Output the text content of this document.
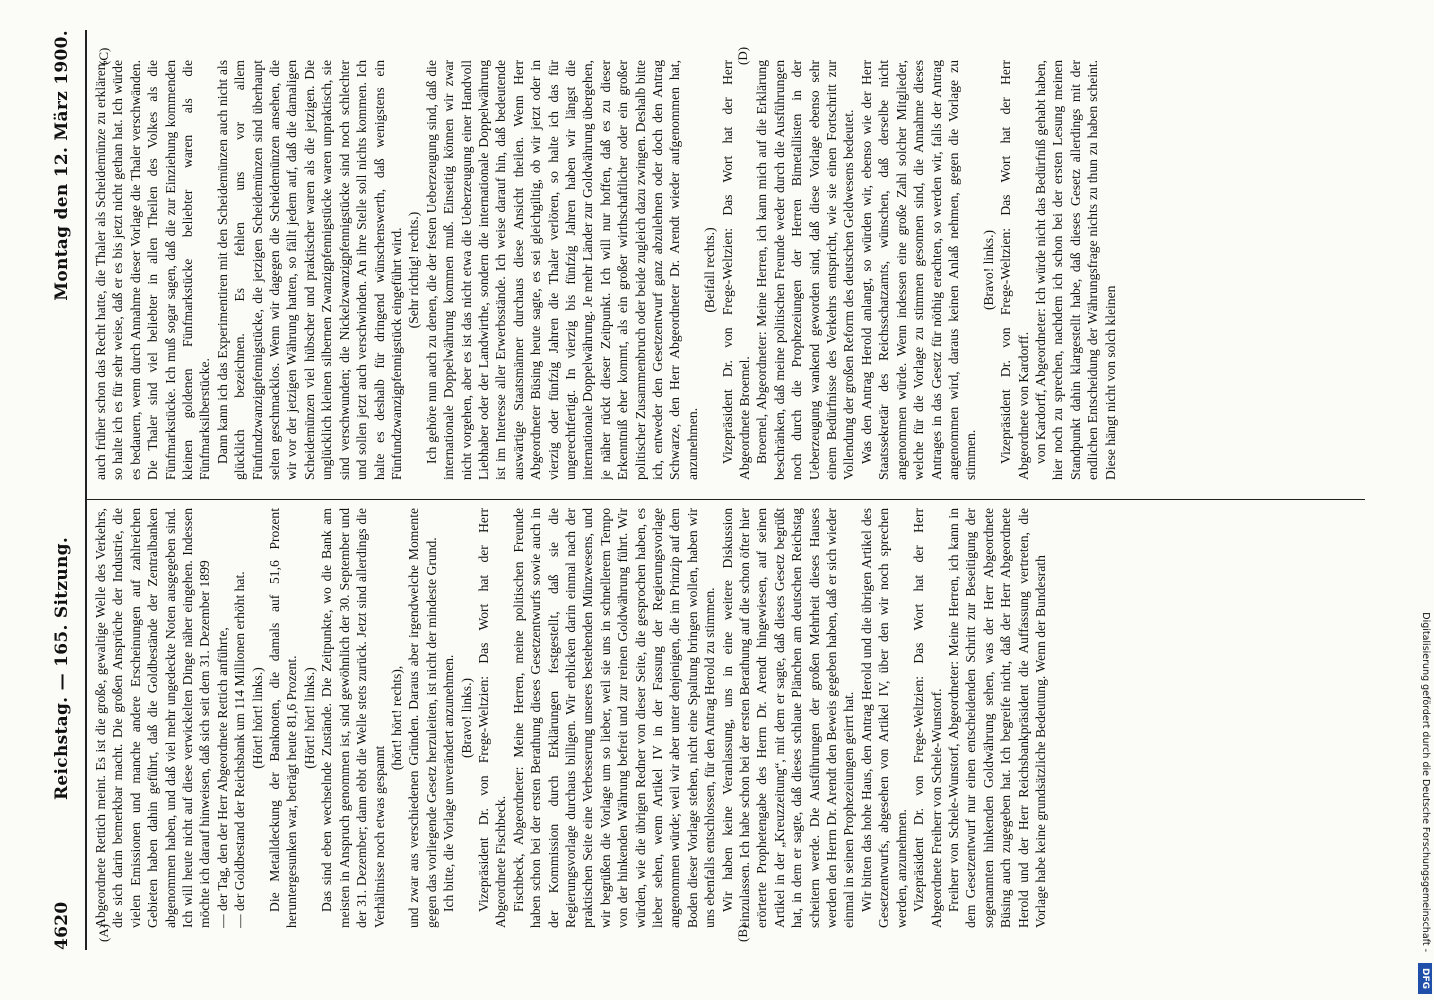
4620
Reichstag. — 165. Sitzung.
Montag den 12. März 1900.
(A)	(B)
(C)	(D)

Abgeordnete Rettich meint. Es ist die große, gewaltige Welle des Verkehrs, die sich darin bemerkbar macht. Die großen Ansprüche der Industrie, die vielen Emissionen und manche andere Erscheinungen auf zahlreichen Gebieten haben dahin geführt, daß die Goldbestände der Zentralbanken abgenommen haben, und daß viel mehr ungedeckte Noten ausgegeben sind. Ich will heute nicht auf diese verwickelten Dinge näher eingehen. Indessen möchte ich darauf hinweisen, daß sich seit dem 31. Dezember 1899 — der Tag, den der Herr Abgeordnete Rettich anführte, — der Goldbestand der Reichsbank um 114 Millionen erhöht hat. (Hört! hört! links.) Die Metalldeckung der Banknoten, die damals auf 51,6 Prozent heruntergesunken war, beträgt heute 81,6 Prozent. (Hört! hört! links.) Das sind eben wechselnde Zustände. Die Zeitpunkte, wo die Bank am meisten in Anspruch genommen ist, sind gewöhnlich der 30. September und der 31. Dezember; dann ebbt die Welle stets zurück. Jetzt sind allerdings die Verhältnisse noch etwas gespannt

(hört! hört! rechts), und zwar aus verschiedenen Gründen. Daraus aber irgendwelche Momente gegen das vorliegende Gesetz herzuleiten, ist nicht der mindeste Grund. Ich bitte, die Vorlage unverändert anzunehmen. (Bravo! links.) Vizepräsident Dr. von Frege-Weltzien: Das Wort hat der Herr Abgeordnete Fischbeck. Fischbeck, Abgeordneter: Meine Herren, meine politischen Freunde haben schon bei der ersten Berathung dieses Gesetzentwurfs sowie auch in der Kommission durch Erklärungen festgestellt, daß sie die Regierungsvorlage durchaus billigen. Wir erblicken darin einmal nach der praktischen Seite eine Verbesserung unseres bestehenden Münzwesens, und wir begrüßen die Vorlage um so lieber, weil sie uns in schnellerem Tempo von der hinkenden Währung befreit und zur reinen Goldwährung führt. Wir würden, wie die übrigen Redner von dieser Seite, die gesprochen haben, es lieber sehen, wenn Artikel IV in der Fassung der Regierungsvorlage angenommen würde; weil wir aber unter denjenigen, die im Prinzip auf dem Boden dieser Vorlage stehen, nicht eine Spaltung bringen wollen, haben wir uns ebenfalls entschlossen, für den Antrag Herold zu stimmen. Wir haben keine Veranlassung, uns in eine weitere Diskussion einzulassen. Ich habe schon bei der ersten Berathung auf die schon öfter hier erörterte Prophetengabe des Herrn Dr. Arendt hingewiesen, auf seinen Artikel in der „Kreuzzeitung“, mit dem er sagte, daß dieses Gesetz begrüßt hat, in dem er sagte, daß dieses schlaue Plänchen am deutschen Reichstag scheitern werde. Die Ausführungen der großen Mehrheit dieses Hauses werden den Herrn Dr. Arendt den Beweis gegeben haben, daß er sich wieder einmal in seinen Prophezeiungen geirrt hat. Wir bitten das hohe Haus, den Antrag Herold und die übrigen Artikel des Gesetzentwurfs, abgesehen von Artikel IV, über den wir noch sprechen werden, anzunehmen. Vizepräsident Dr. von Frege-Weltzien: Das Wort hat der Herr Abgeordnete Freiherr von Schele-Wunstorf. Freiherr von Schele-Wunstorf, Abgeordneter: Meine Herren, ich kann in dem Gesetzentwurf nur einen entscheidenden Schritt zur Beseitigung der sogenannten hinkenden Goldwährung sehen, was der Herr Abgeordnete Büsing auch zugegeben hat. Ich begreife nicht, daß der Herr Abgeordnete Herold und der Herr Reichsbankpräsident die Auffassung vertreten, die Vorlage habe keine grundsätzliche Bedeutung. Wenn der Bundesrath

auch früher schon das Recht hatte, die Thaler als Scheidemünze zu erklären, so halte ich es für sehr weise, daß er es bis jetzt nicht gethan hat. Ich würde es bedauern, wenn durch Annahme dieser Vorlage die Thaler verschwänden. Die Thaler sind viel beliebter in allen Theilen des Volkes als die Fünfmarkstücke. Ich muß sogar sagen, daß die zur Einziehung kommenden kleinen goldenen Fünfmarkstücke beliebter waren als die Fünfmarksilberstücke. Dann kann ich das Experimentiren mit den Scheidemünzen auch nicht als glücklich bezeichnen. Es fehlen uns vor allem Fünfundzwanzigpfennigstücke, die jetzigen Scheidemünzen sind überhaupt selten geschmacklos. Wenn wir dagegen die Scheidemünzen ansehen, die wir vor der jetzigen Währung hatten, so fällt jedem auf, daß die damaligen Scheidemünzen viel hübscher und praktischer waren als die jetzigen. Die unglücklich kleinen silbernen Zwanzigpfennigstücke waren unpraktisch, sie sind verschwunden; die Nickelzwanzigpfennigstücke sind noch schlechter und sollen jetzt auch verschwinden. An ihre Stelle soll nichts kommen. Ich halte es deshalb für dringend wünschenswerth, daß wenigstens ein Fünfundzwanzigpfennigstück eingeführt wird. (Sehr richtig! rechts.) Ich gehöre nun auch zu denen, die der festen Ueberzeugung sind, daß die internationale Doppelwährung kommen muß. Einseitig können wir zwar nicht vorgehen, aber es ist das nicht etwa die Ueberzeugung einer Handvoll Liebhaber oder der Landwirthe, sondern die internationale Doppelwährung ist im Interesse aller Erwerbsstände. Ich weise darauf hin, daß bedeutende auswärtige Staatsmänner durchaus diese Ansicht theilen. Wenn Herr Abgeordneter Büsing heute sagte, es sei gleichgiltig, ob wir jetzt oder in vierzig oder fünfzig Jahren die Thaler verlören, so halte ich das für ungerechtfertigt. In vierzig bis fünfzig Jahren haben wir längst die internationale Doppelwährung. Je mehr Länder zur Goldwährung übergehen, je näher rückt dieser Zeitpunkt. Ich will nur hoffen, daß es zu dieser Erkenntniß eher kommt, als ein großer wirthschaftlicher oder ein großer politischer Zusammenbruch oder beide zugleich dazu zwingen. Deshalb bitte ich, entweder den Gesetzentwurf ganz abzulehnen oder doch den Antrag Schwarze, den Herr Abgeordneter Dr. Arendt wieder aufgenommen hat, anzunehmen.

(Beifall rechts.) Vizepräsident Dr. von Frege-Weltzien: Das Wort hat der Herr Abgeordnete Broemel. Broemel, Abgeordneter: Meine Herren, ich kann mich auf die Erklärung beschränken, daß meine politischen Freunde weder durch die Ausführungen noch durch die Prophezeiungen der Herren Bimetallisten in der Ueberzeugung wankend geworden sind, daß diese Vorlage ebenso sehr einem Bedürfnisse des Verkehrs entspricht, wie sie einen Fortschritt zur Vollendung der großen Reform des deutschen Geldwesens bedeutet. Was den Antrag Herold anlangt, so würden wir, ebenso wie der Herr Staatssekretär des Reichsschatzamts, wünschen, daß derselbe nicht angenommen würde. Wenn indessen eine große Zahl solcher Mitglieder, welche für die Vorlage zu stimmen gesonnen sind, die Annahme dieses Antrages in das Gesetz für nöthig erachten, so werden wir, falls der Antrag angenommen wird, daraus keinen Anlaß nehmen, gegen die Vorlage zu stimmen.

(Bravo! links.) Vizepräsident Dr. von Frege-Weltzien: Das Wort hat der Herr Abgeordnete von Kardorff. von Kardorff, Abgeordneter: Ich würde nicht das Bedürfniß gehabt haben, hier noch zu sprechen, nachdem ich schon bei der ersten Lesung meinen Standpunkt dahin klargestellt habe, daß dieses Gesetz allerdings mit der endlichen Entscheidung der Währungsfrage nichts zu thun zu haben scheint. Diese hängt nicht von solch kleinen

Digitalisierung gefördert durch die Deutsche Forschungsgemeinschaft -
DFG
